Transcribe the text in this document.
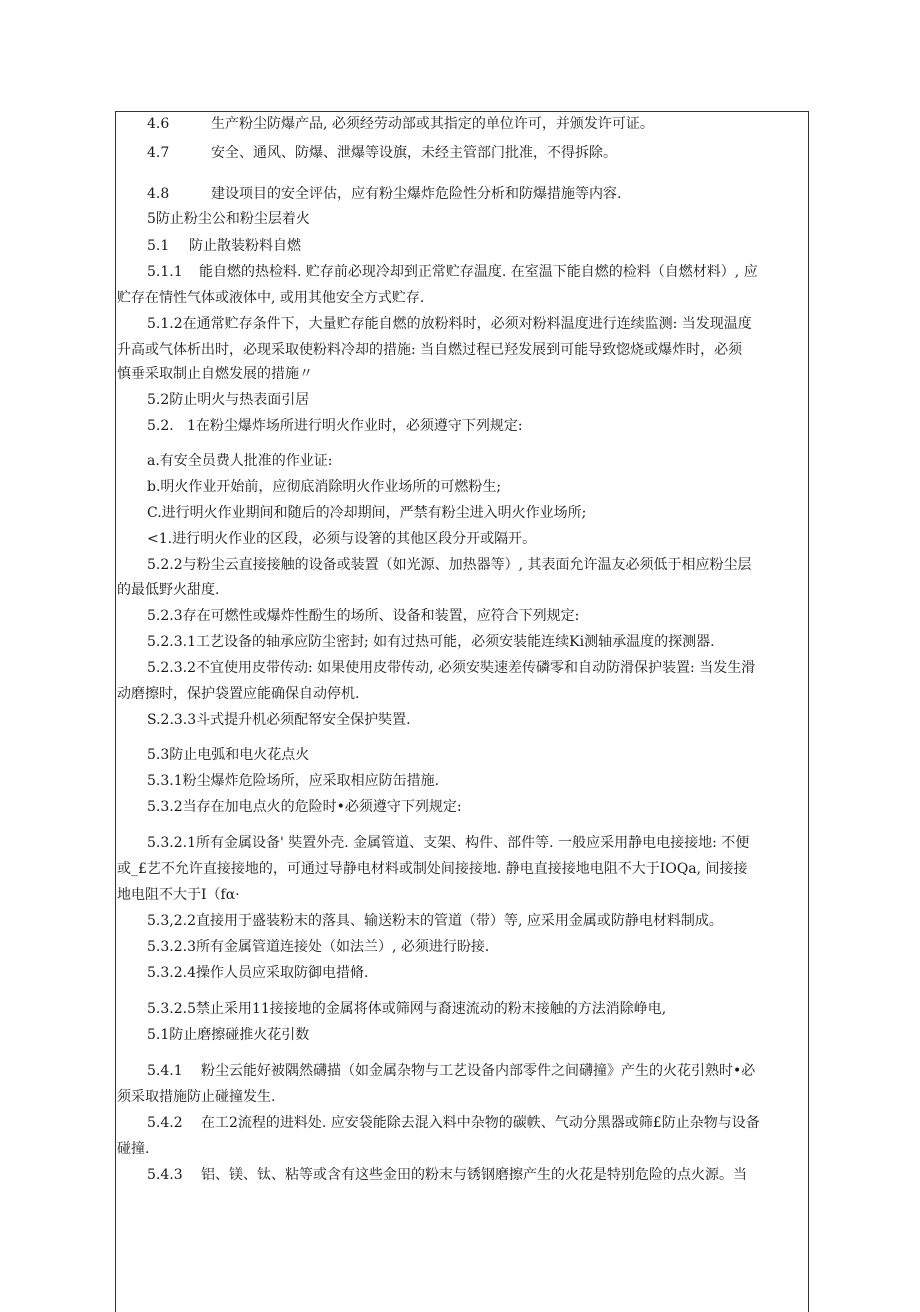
4.6	生产粉尘防爆产品, 必须经劳动部或其指定的单位许可，并颁发许可证。
4.7	安全、通风、防爆、泄爆等设旗，未经主管部门批准，不得拆除。
4.8	建设项目的安全评估，应有粉尘爆炸危险性分析和防爆措施等内容.
5防止粉尘公和粉尘层着火
5.1 防止散装粉料自燃
5.1.1 能自燃的热检料. 贮存前必现冷却到正常贮存温度. 在室温下能自燃的检料（自燃材料）, 应
贮存在情性气体或液体中, 或用其他安全方式贮存.
5.1.2在通常贮存条件下，大量贮存能自燃的放粉料时，必须对粉料温度进行连续监测: 当发现温度
升高或气体析出时，必现采取使粉料冷却的措施: 当自燃过程已羟发展到可能导致惚烧或爆炸时，必须
慎垂采取制止自燃发展的措施〃
5.2防止明火与热表面引居
5.2. 1在粉尘爆炸场所进行明火作业时，必须遵守下列规定:
a.有安全员费人批准的作业证:
b.明火作业开始前，应彻底消除明火作业场所的可燃粉生;
C.进行明火作业期间和随后的冷却期间，严禁有粉尘进入明火作业场所;
<1.进行明火作业的区段，必须与设箸的其他区段分开或隔开。
5.2.2与粉尘云直接接触的设备或装置（如光源、加热器等）, 其表面允许温友必须低于相应粉尘层
的最低野火甜度.
5.2.3存在可燃性或爆炸性酚生的场所、设备和装置，应符合下列规定:
5.2.3.1工艺设备的轴承应防尘密封; 如有过热可能，必须安装能连续Ki测轴承温度的探测器.
5.2.3.2不宜使用皮带传动: 如果使用皮带传动, 必须安奘速差传磷零和自动防滑保护装置: 当发生滑
动磨擦时，保护袋置应能确保自动停机.
S.2.3.3斗式提升机必须配帑安全保护奘置.
5.3防止电弧和电火花点火
5.3.1粉尘爆炸危险场所，应采取相应防缶措施.
5.3.2当存在加电点火的危险时•必须遵守下列规定:
5.3.2.1所有金属设备' 奘置外壳. 金属管道、支架、构件、部件等. 一般应采用静电电接接地: 不便
或_£艺不允许直接接地的，可通过导静电材料或制处间接接地. 静电直接接地电阻不大于IOQa, 间接接
地电阻不大于I（fα·
5.3,2.2直接用于盛装粉末的落具、输送粉末的管道（带）等, 应采用金属或防静电材料制成。
5.3.2.3所有金属管道连接处（如法兰）, 必须进行盼接.
5.3.2.4操作人员应采取防御电措脩.
5.3.2.5禁止采用11接接地的金属将体或筛网与裔速流动的粉末接触的方法消除峥电,
5.1防止磨擦碰推火花引数
5.4.1 粉尘云能好被隅然礴描（如金属杂物与工艺设备内部零件之间礴撞》产生的火花引熟时•必
须采取措施防止碰撞发生.
5.4.2 在工2流程的进料处. 应安袋能除去混入料中杂物的碳帙、气动分黑器或筛£防止杂物与设备
碰撞.
5.4.3 铝、镁、钛、粘等或含有这些金田的粉末与锈钢磨擦产生的火花是特别危险的点火源。当
